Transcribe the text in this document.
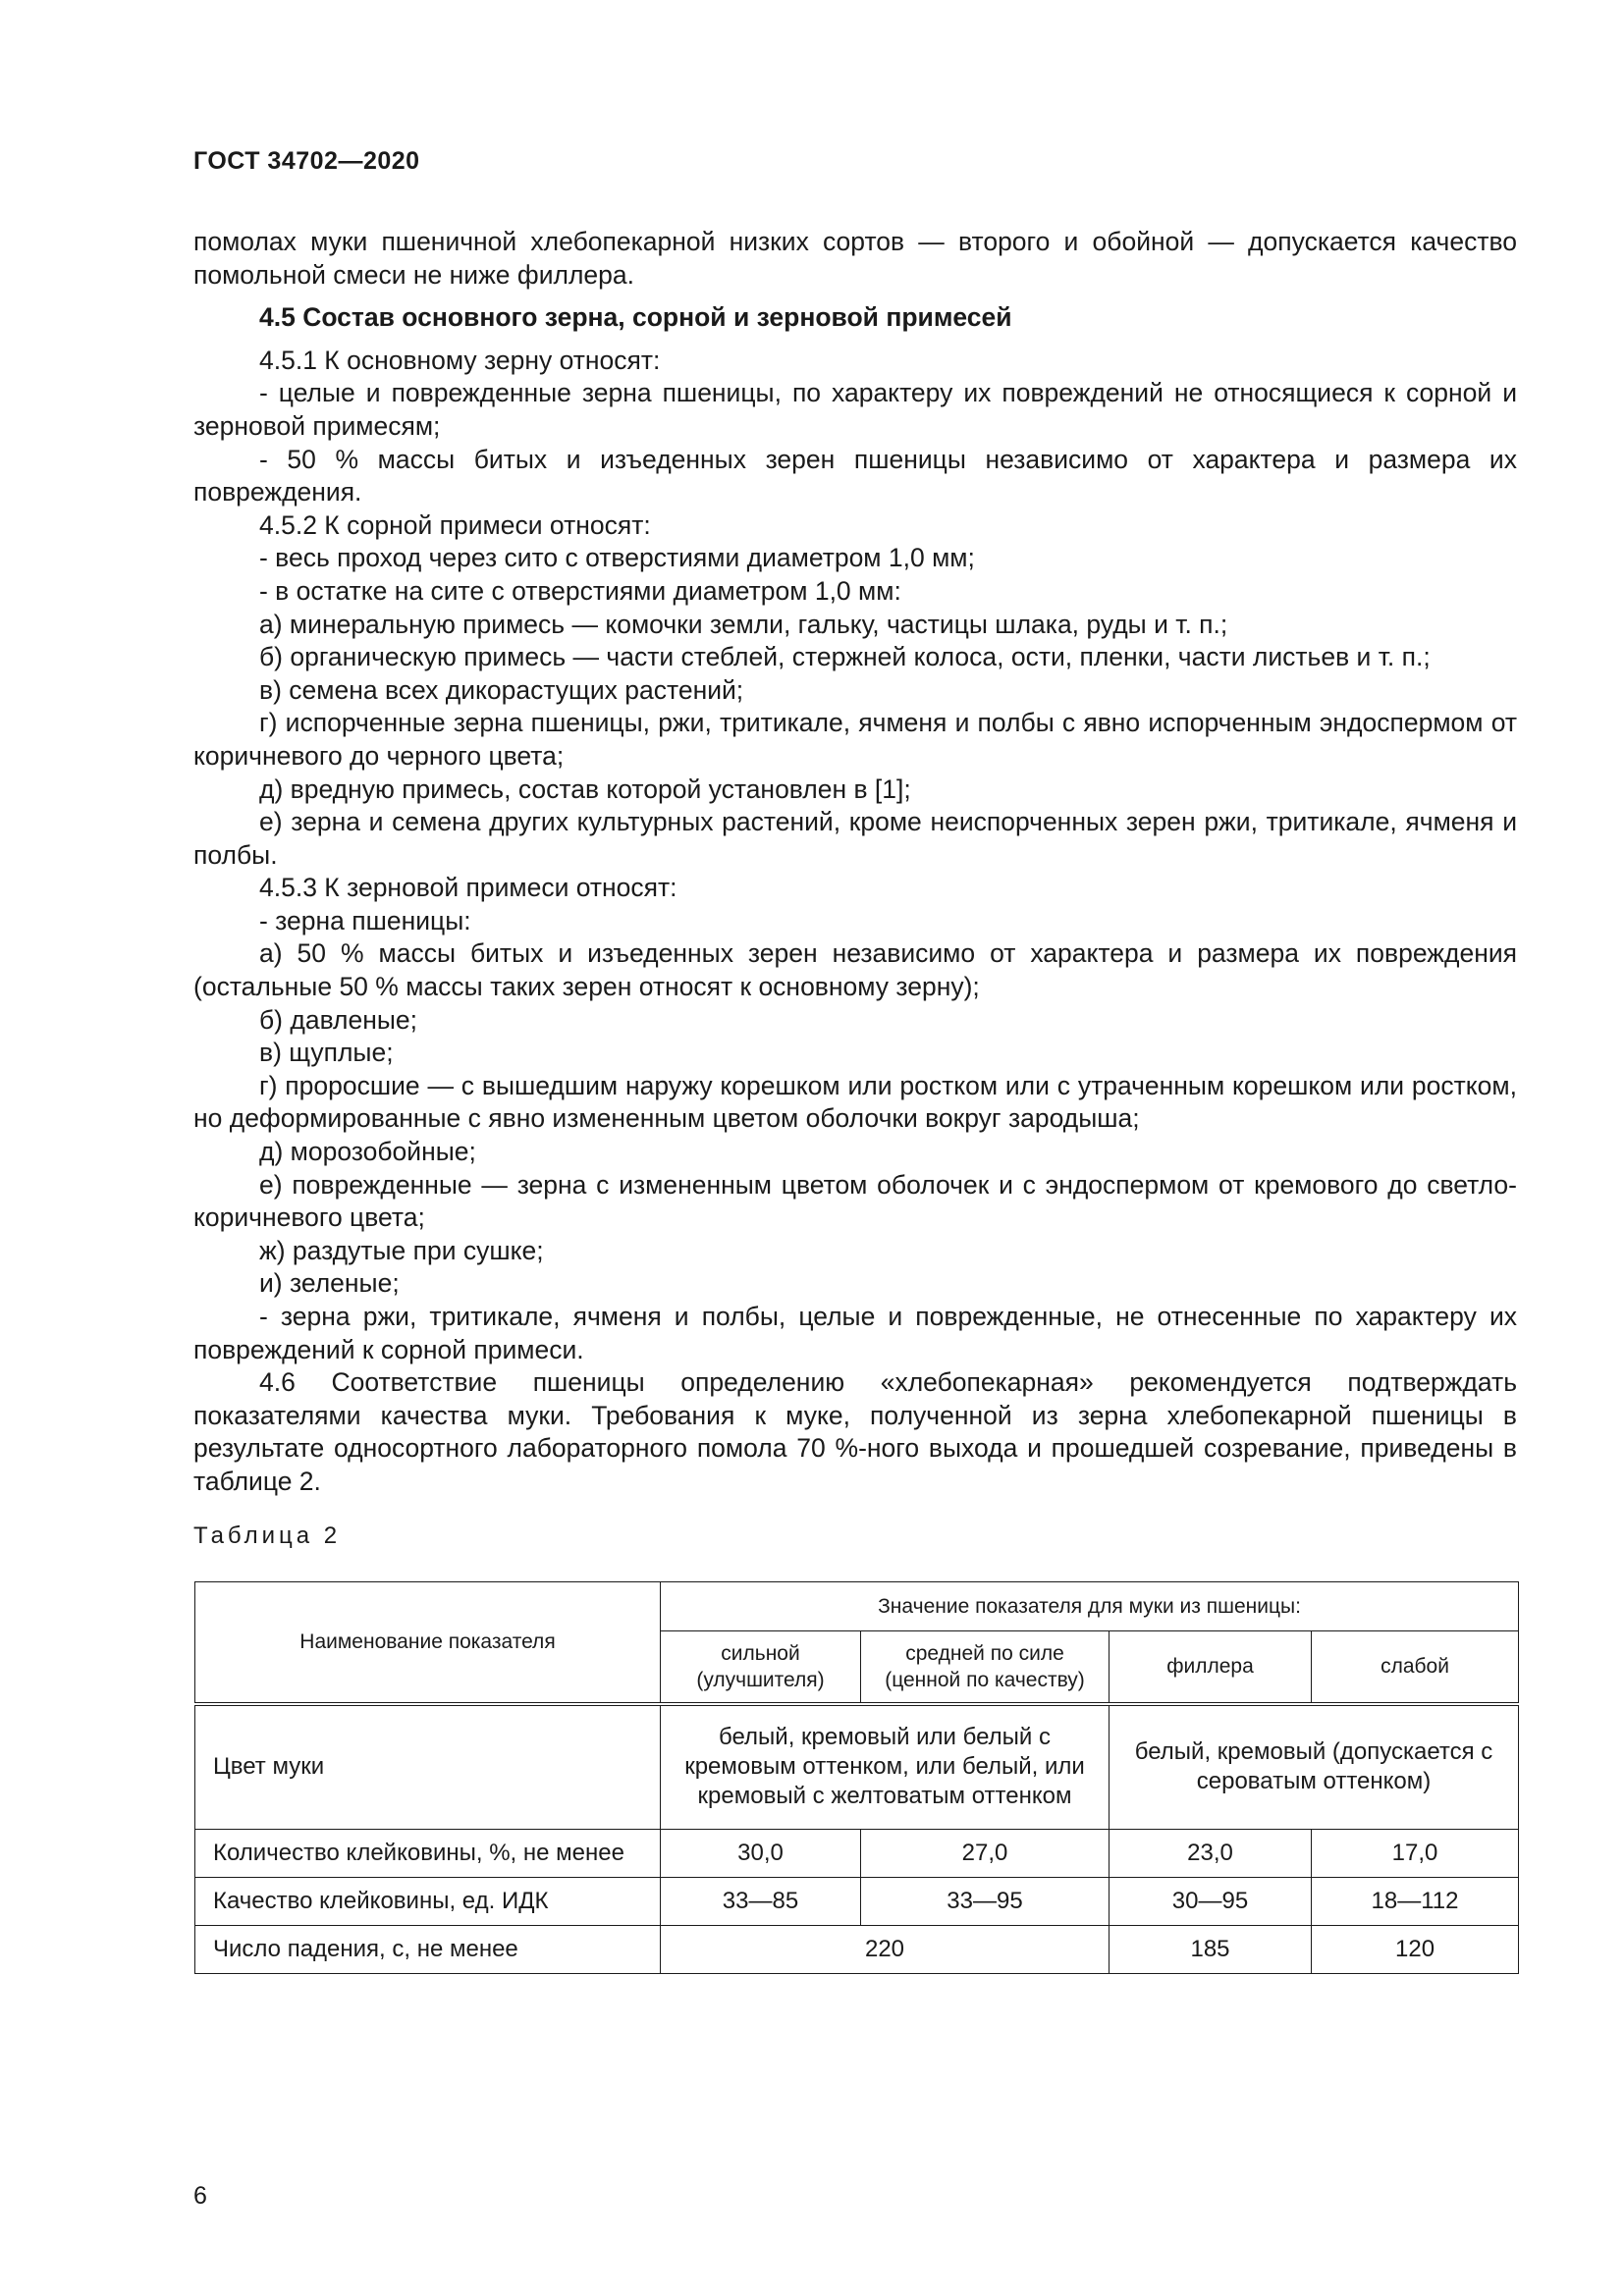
ГОСТ 34702—2020

помолах муки пшеничной хлебопекарной низких сортов — второго и обойной — допускается качество помольной смеси не ниже филлера.

4.5 Состав основного зерна, сорной и зерновой примесей

4.5.1 К основному зерну относят:

- целые и поврежденные зерна пшеницы, по характеру их повреждений не относящиеся к сорной и зерновой примесям;

- 50 % массы битых и изъеденных зерен пшеницы независимо от характера и размера их повреждения.

4.5.2 К сорной примеси относят:

- весь проход через сито с отверстиями диаметром 1,0 мм;

- в остатке на сите с отверстиями диаметром 1,0 мм:

а) минеральную примесь — комочки земли, гальку, частицы шлака, руды и т. п.;

б) органическую примесь — части стеблей, стержней колоса, ости, пленки, части листьев и т. п.;

в) семена всех дикорастущих растений;

г) испорченные зерна пшеницы, ржи, тритикале, ячменя и полбы с явно испорченным эндоспермом от коричневого до черного цвета;

д) вредную примесь, состав которой установлен в [1];

е) зерна и семена других культурных растений, кроме неиспорченных зерен ржи, тритикале, ячменя и полбы.

4.5.3 К зерновой примеси относят:

- зерна пшеницы:

а) 50 % массы битых и изъеденных зерен независимо от характера и размера их повреждения (остальные 50 % массы таких зерен относят к основному зерну);

б) давленые;

в) щуплые;

г) проросшие — с вышедшим наружу корешком или ростком или с утраченным корешком или ростком, но деформированные с явно измененным цветом оболочки вокруг зародыша;

д) морозобойные;

е) поврежденные — зерна с измененным цветом оболочек и с эндоспермом от кремового до светло-коричневого цвета;

ж) раздутые при сушке;

и) зеленые;

- зерна ржи, тритикале, ячменя и полбы, целые и поврежденные, не отнесенные по характеру их повреждений к сорной примеси.

4.6 Соответствие пшеницы определению «хлебопекарная» рекомендуется подтверждать показателями качества муки. Требования к муке, полученной из зерна хлебопекарной пшеницы в результате односортного лабораторного помола 70 %-ного выхода и прошедшей созревание, приведены в таблице 2.

Таблица 2
Наименование показателя	Значение показателя для муки из пшеницы:			
	сильной (улучшителя)	средней по силе (ценной по качеству)	филлера	слабой
Цвет муки	белый, кремовый или белый с кремовым оттенком, или белый, или кремовый с желтоватым оттенком		белый, кремовый (допускается с сероватым оттенком)	
Количество клейковины, %, не менее	30,0	27,0	23,0	17,0
Качество клейковины, ед. ИДК	33—85	33—95	30—95	18—112
Число падения, с, не менее	220		185	120
6
